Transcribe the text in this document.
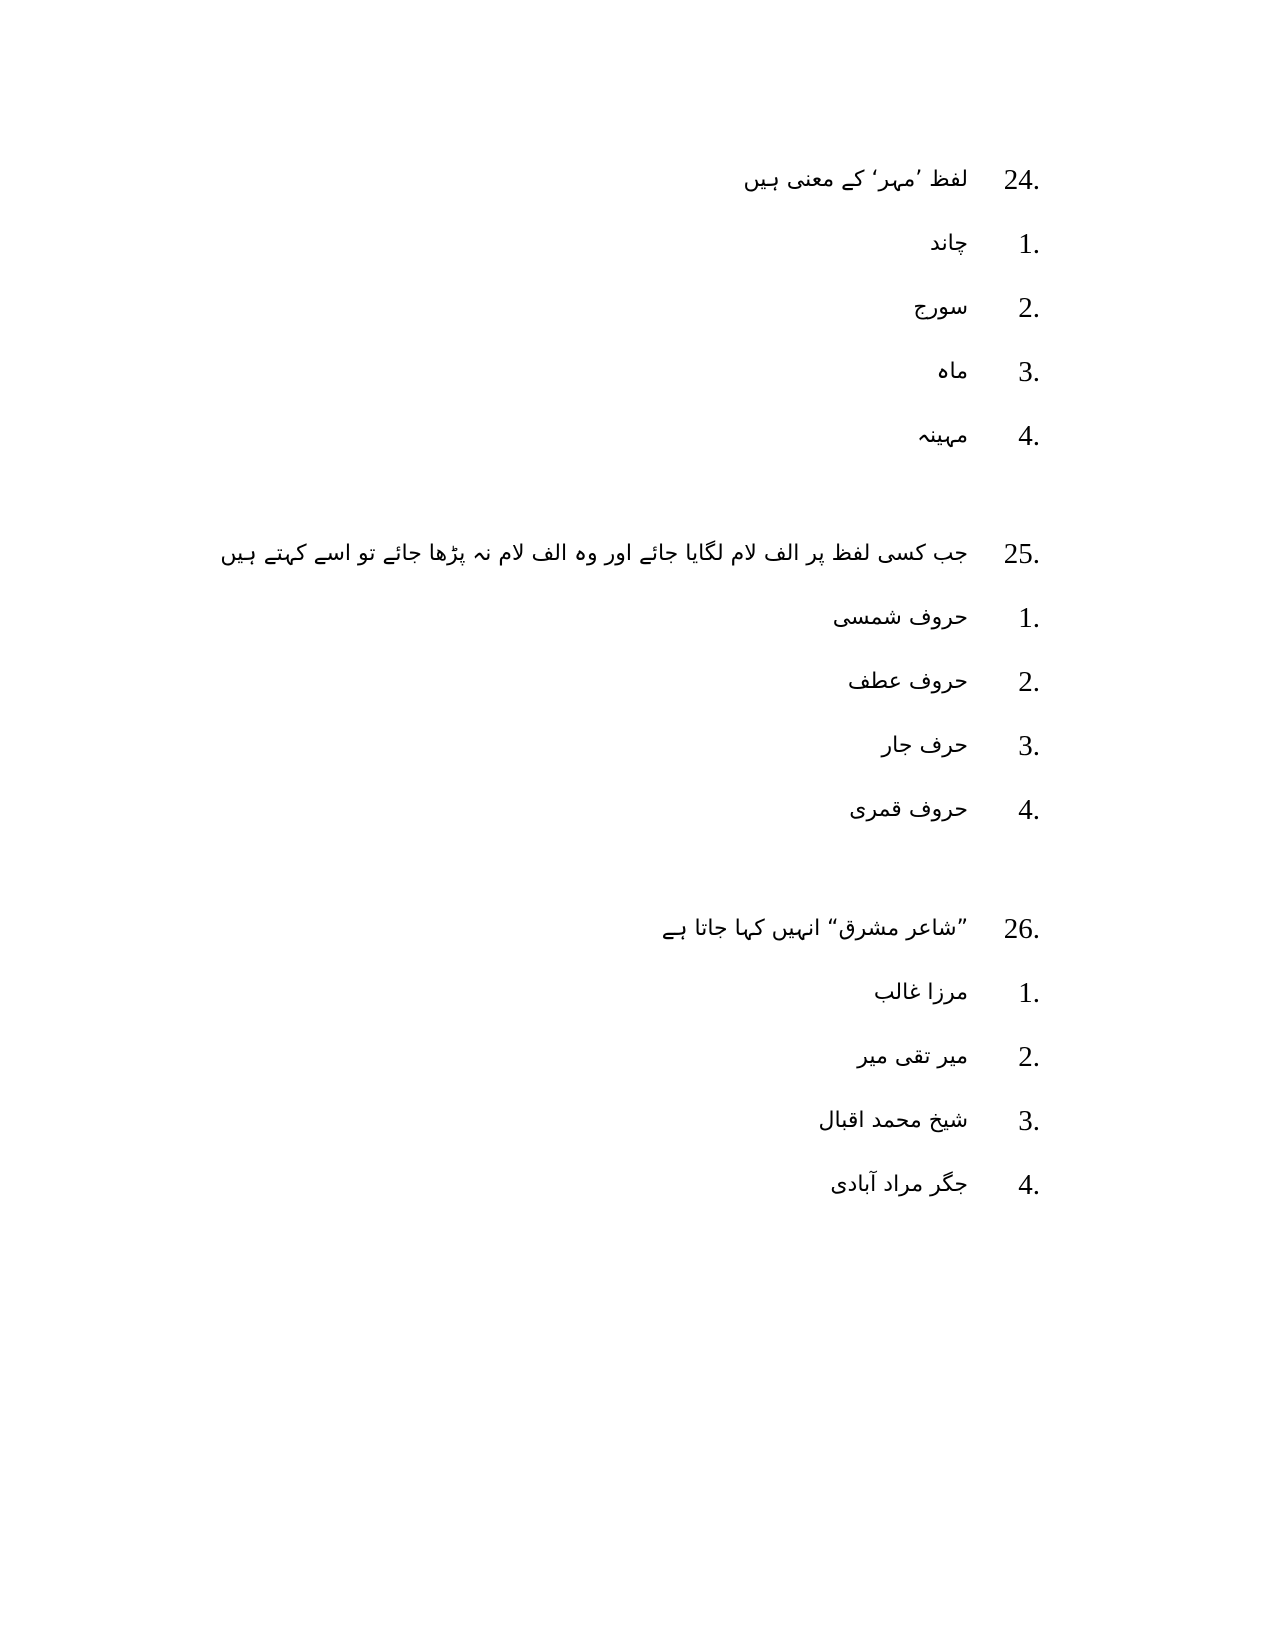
24.
لفظ ’مہر‘ کے معنی ہیں
1.
چاند
2.
سورج
3.
ماہ
4.
مہینہ
25.
جب کسی لفظ پر الف لام لگایا جائے اور وہ الف لام نہ پڑھا جائے تو اسے کہتے ہیں
1.
حروف شمسی
2.
حروف عطف
3.
حرف جار
4.
حروف قمری
26.
”شاعر مشرق“ انہیں کہا جاتا ہے
1.
مرزا غالب
2.
میر تقی میر
3.
شیخ محمد اقبال
4.
جگر مراد آبادی
